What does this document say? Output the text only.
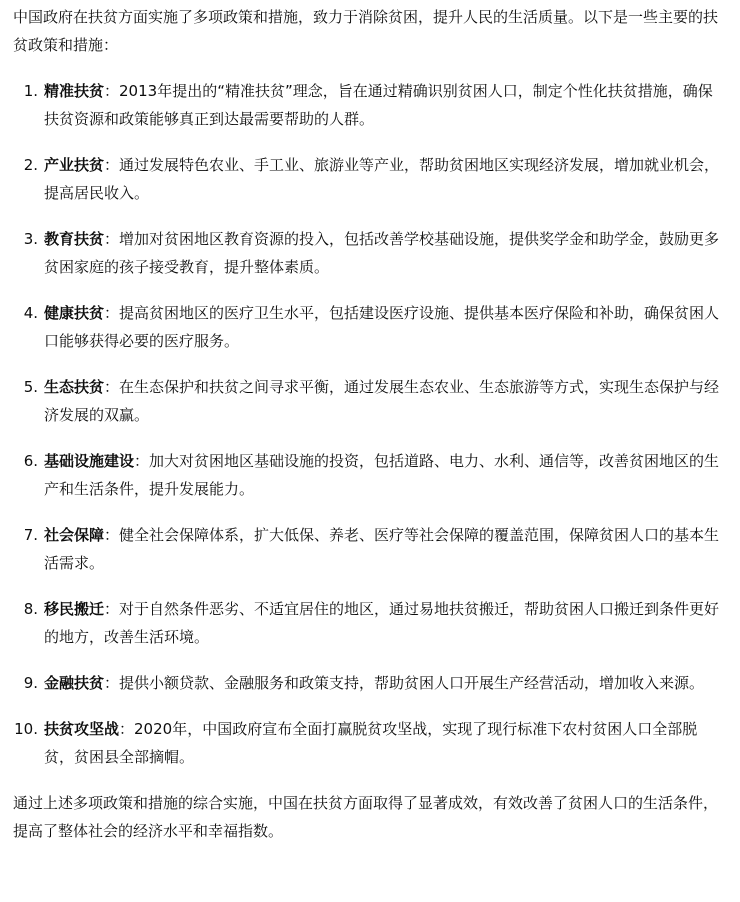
中国政府在扶贫方面实施了多项政策和措施，致力于消除贫困，提升人民的生活质量。以下是一些主要的扶贫政策和措施：

1. 精准扶贫：2013年提出的“精准扶贫”理念，旨在通过精确识别贫困人口，制定个性化扶贫措施，确保扶贫资源和政策能够真正到达最需要帮助的人群。
2. 产业扶贫：通过发展特色农业、手工业、旅游业等产业，帮助贫困地区实现经济发展，增加就业机会，提高居民收入。
3. 教育扶贫：增加对贫困地区教育资源的投入，包括改善学校基础设施，提供奖学金和助学金，鼓励更多贫困家庭的孩子接受教育，提升整体素质。
4. 健康扶贫：提高贫困地区的医疗卫生水平，包括建设医疗设施、提供基本医疗保险和补助，确保贫困人口能够获得必要的医疗服务。
5. 生态扶贫：在生态保护和扶贫之间寻求平衡，通过发展生态农业、生态旅游等方式，实现生态保护与经济发展的双赢。
6. 基础设施建设：加大对贫困地区基础设施的投资，包括道路、电力、水利、通信等，改善贫困地区的生产和生活条件，提升发展能力。
7. 社会保障：健全社会保障体系，扩大低保、养老、医疗等社会保障的覆盖范围，保障贫困人口的基本生活需求。
8. 移民搬迁：对于自然条件恶劣、不适宜居住的地区，通过易地扶贫搬迁，帮助贫困人口搬迁到条件更好的地方，改善生活环境。
9. 金融扶贫：提供小额贷款、金融服务和政策支持，帮助贫困人口开展生产经营活动，增加收入来源。
10. 扶贫攻坚战：2020年，中国政府宣布全面打赢脱贫攻坚战，实现了现行标准下农村贫困人口全部脱贫，贫困县全部摘帽。

通过上述多项政策和措施的综合实施，中国在扶贫方面取得了显著成效，有效改善了贫困人口的生活条件，提高了整体社会的经济水平和幸福指数。
